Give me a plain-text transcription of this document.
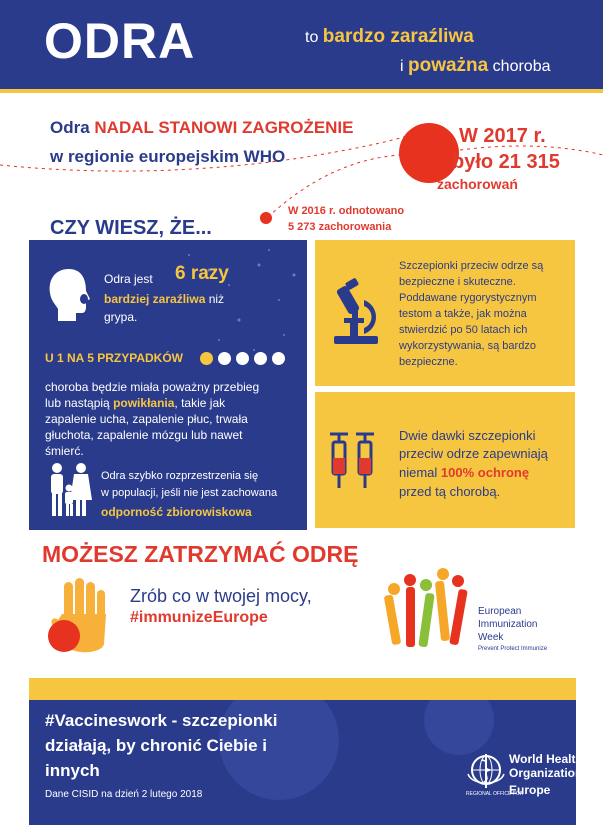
ODRA	to bardzo zaraźliwa
i poważna choroba
Odra NADAL STANOWI ZAGROŻENIE
w regionie europejskim WHO
W 2017 r.
było 21 315
zachorowań
W 2016 r. odnotowano
5 273 zachorowania
CZY WIESZ, ŻE...
Odra jest 6 razy
bardziej zaraźliwa niż
grypa.
U 1 NA 5 PRZYPADKÓW
choroba będzie miała poważny przebieg
lub nastąpią powikłania, takie jak
zapalenie ucha, zapalenie płuc, trwała
głuchota, zapalenie mózgu lub nawet
śmierć.
Odra szybko rozprzestrzenia się
w populacji, jeśli nie jest zachowana
odporność zbiorowiskowa
Szczepionki przeciw odrze są
bezpieczne i skuteczne.
Poddawane rygorystycznym
testom a także, jak można
stwierdzić po 50 latach ich
wykorzystywania, są bardzo
bezpieczne.
Dwie dawki szczepionki
przeciw odrze zapewniają
niemal 100% ochronę
przed tą chorobą.
MOŻESZ ZATRZYMAĆ ODRĘ
Zrób co w twojej mocy,
#immunizeEurope	European
Immunization
Week
Prevent Protect Immunize
#Vaccineswork - szczepionki
działają, by chronić Ciebie i
innych
Dane CISID na dzień 2 lutego 2018
World Health
Organization
REGIONAL OFFICE FOR
Europe
